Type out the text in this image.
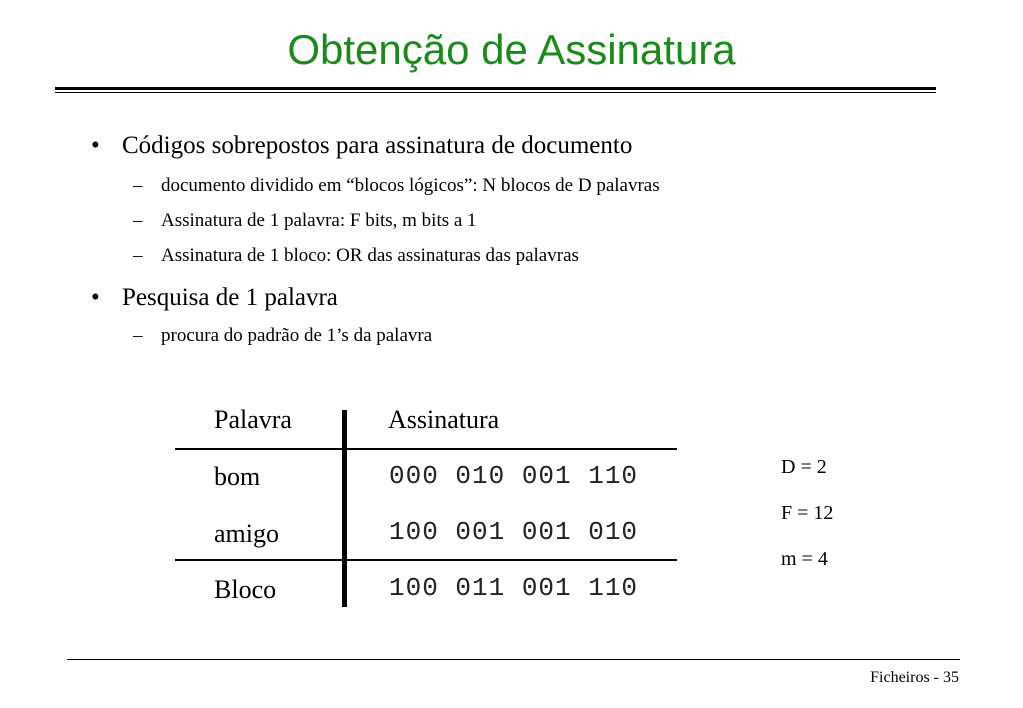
Obtenção de Assinatura
• Códigos sobrepostos para assinatura de documento
– documento dividido em “blocos lógicos”: N blocos de D palavras
– Assinatura de 1 palavra: F bits, m bits a 1
– Assinatura de 1 bloco: OR das assinaturas das palavras
• Pesquisa de 1 palavra
– procura do padrão de 1’s da palavra
Palavra	Assinatura
bom	000 010 001 110
amigo	100 001 001 010
Bloco	100 011 001 110
D = 2
F = 12
m = 4
Ficheiros - 35
